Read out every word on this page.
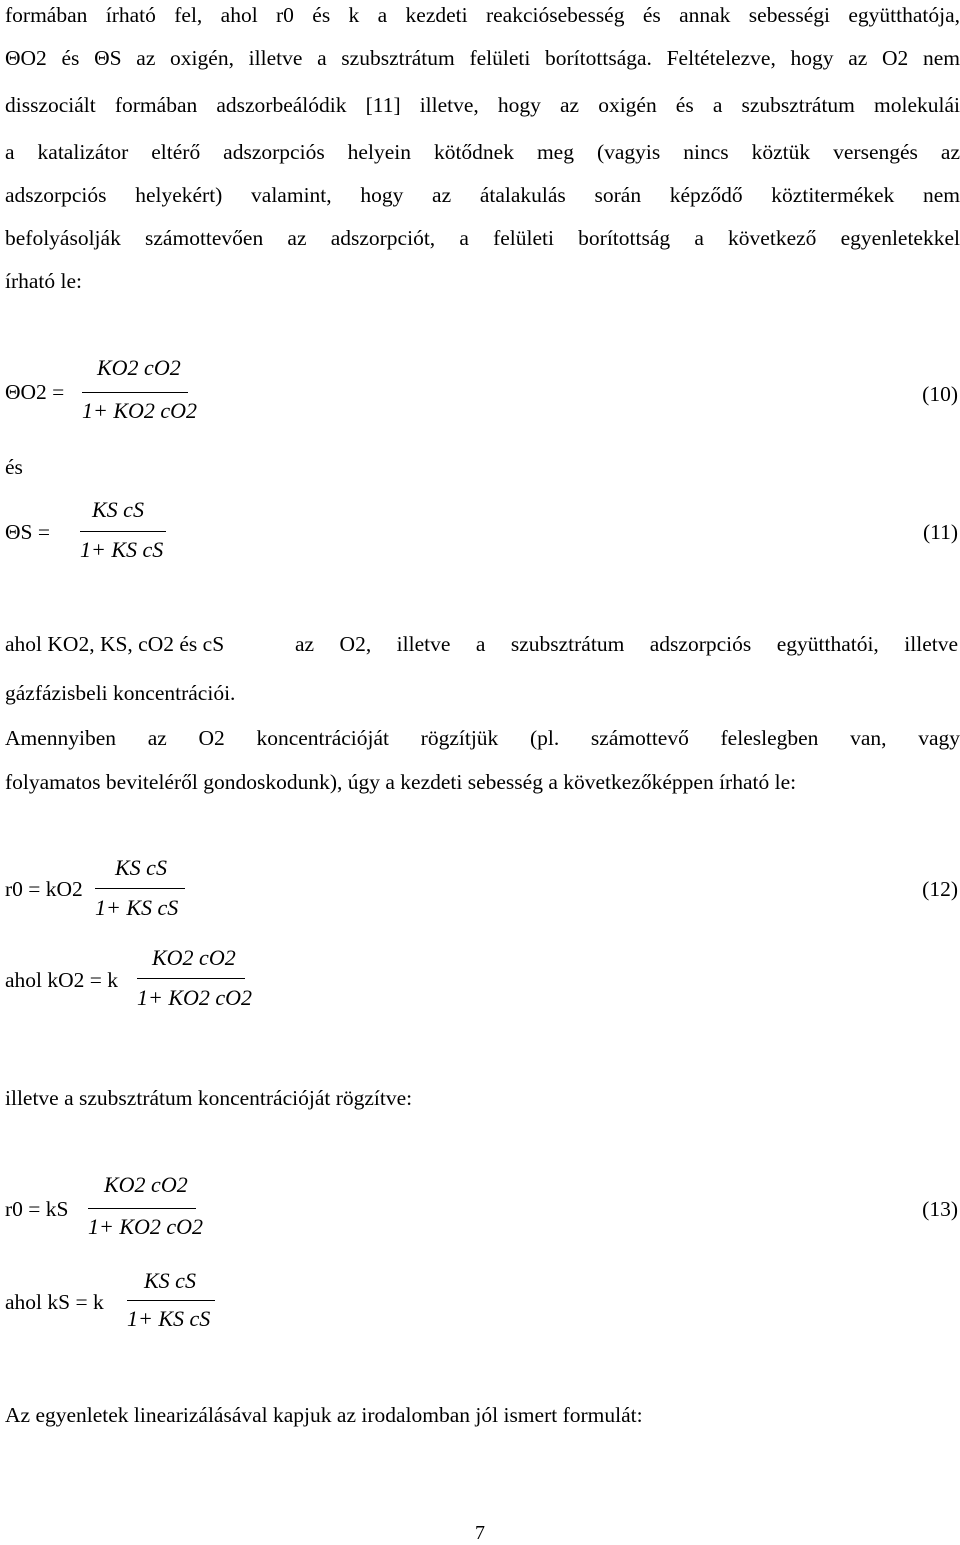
formában írható fel, ahol r0 és k a kezdeti reakciósebesség és annak sebességi együtthatója,
ΘO2 és ΘS az oxigén, illetve a szubsztrátum felületi borítottsága. Feltételezve, hogy az O2 nem
disszociált formában adszorbeálódik [11] illetve, hogy az oxigén és a szubsztrátum molekulái
a katalizátor eltérő adszorpciós helyein kötődnek meg (vagyis nincs köztük versengés az
adszorpciós helyekért) valamint, hogy az átalakulás során képződő köztitermékek nem
befolyásolják számottevően az adszorpciót, a felületi borítottság a következő egyenletekkel
írható le:
ΘO2 =
KO2 cO2
1+ KO2 cO2
(10)
és
ΘS =
KS cS
1+ KS cS
(11)
ahol KO2, KS, cO2 és cS	az O2, illetve a szubsztrátum adszorpciós együtthatói, illetve
gázfázisbeli koncentrációi.
Amennyiben az O2 koncentrációját rögzítjük (pl. számottevő feleslegben van, vagy
folyamatos beviteléről gondoskodunk), úgy a kezdeti sebesség a következőképpen írható le:
r0 = kO2
KS cS
1+ KS cS
(12)
ahol kO2 = k
KO2 cO2
1+ KO2 cO2
illetve a szubsztrátum koncentrációját rögzítve:
r0 = kS
KO2 cO2
1+ KO2 cO2
(13)
ahol kS = k
KS cS
1+ KS cS
Az egyenletek linearizálásával kapjuk az irodalomban jól ismert formulát:
7
